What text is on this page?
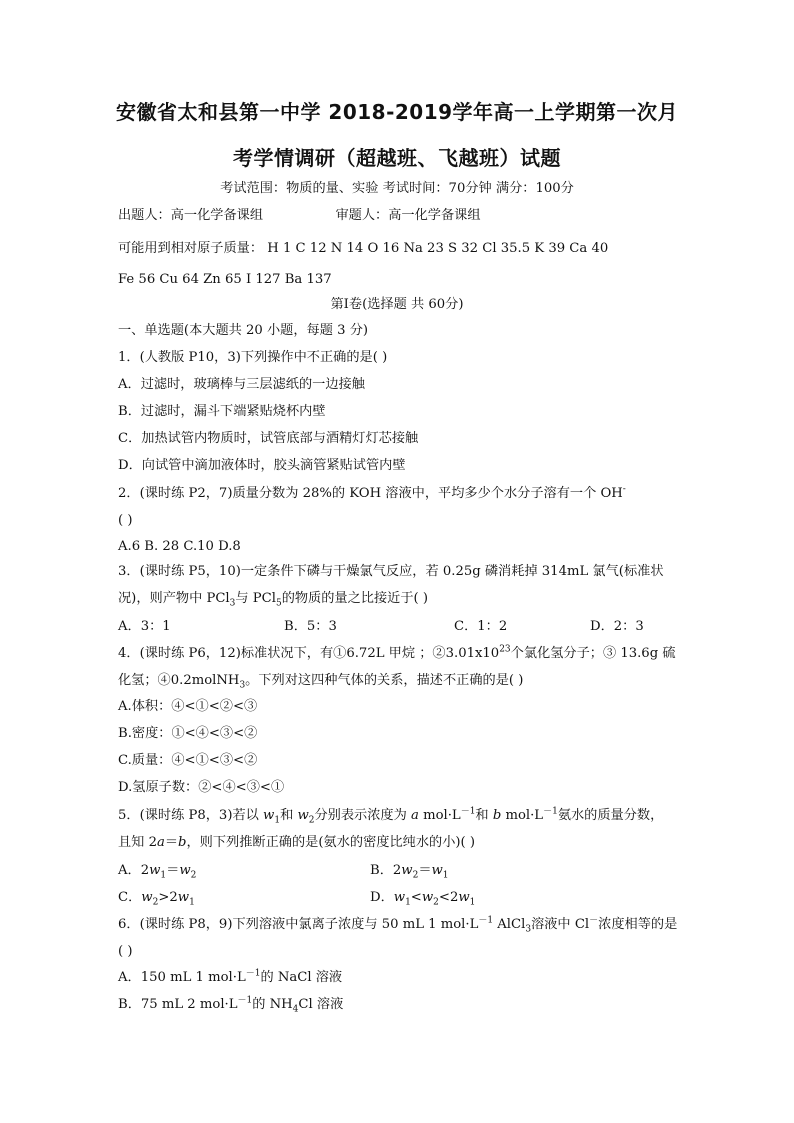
安徽省太和县第一中学 2018-2019学年高一上学期第一次月
考学情调研（超越班、飞越班）试题
考试范围：物质的量、实验 考试时间：70分钟 满分：100分
出题人：高一化学备课组	审题人：高一化学备课组
可能用到相对原子质量： H 1 C 12 N 14 O 16 Na 23 S 32 Cl 35.5 K 39 Ca 40
Fe 56 Cu 64 Zn 65 I 127 Ba 137
第Ⅰ卷(选择题 共 60分)
一、单选题(本大题共 20 小题，每题 3 分)
1．(人教版 P10，3)下列操作中不正确的是( )
A．过滤时，玻璃棒与三层滤纸的一边接触
B．过滤时，漏斗下端紧贴烧杯内壁
C．加热试管内物质时，试管底部与酒精灯灯芯接触
D．向试管中滴加液体时，胶头滴管紧贴试管内壁
2．(课时练 P2，7)质量分数为 28%的 KOH 溶液中，平均多少个水分子溶有一个 OH-
( )
A.6 B. 28 C.10 D.8
3．(课时练 P5，10)一定条件下磷与干燥氯气反应，若 0.25g 磷消耗掉 314mL 氯气(标准状
况)，则产物中 PCl$_3$与 PCl$_5$的物质的量之比接近于( )
A．3：1	B．5：3	C．1：2	D．2：3
4．(课时练 P6，12)标准状况下，有①6.72L 甲烷 ；$②3.01x10^{23}$个氯化氢分子；③ 13.6g 硫
化氢；④0.2molNH$_3$。下列对这四种气体的关系，描述不正确的是( )
A.体积：④<①<②<③
B.密度：①<④<③<②
C.质量：④<①<③<②
D.氢原子数：②<④<③<①
5．(课时练 P8，3)若以 $w_1$和 $w_2$分别表示浓度为 a $mol\cdot L^{-1}$和 b $mol\cdot L^{-1}$氨水的质量分数，
且知 2a＝b，则下列推断正确的是(氨水的密度比纯水的小)( )
A．$2w_1=w_2$	B．$2w_2=w_1$
C．$w_2>2w_1$	D．$w_1<w_2<2w_1$
6．(课时练 P8，9)下列溶液中氯离子浓度与 50 mL 1 $mol\cdot L^{-1}$ AlCl$_3$溶液中 Cl－浓度相等的是
( )
A．150 mL 1 $mol\cdot L^{-1}$的 NaCl 溶液
B．75 mL 2 $mol\cdot L^{-1}$的 $NH_4Cl$ 溶液
